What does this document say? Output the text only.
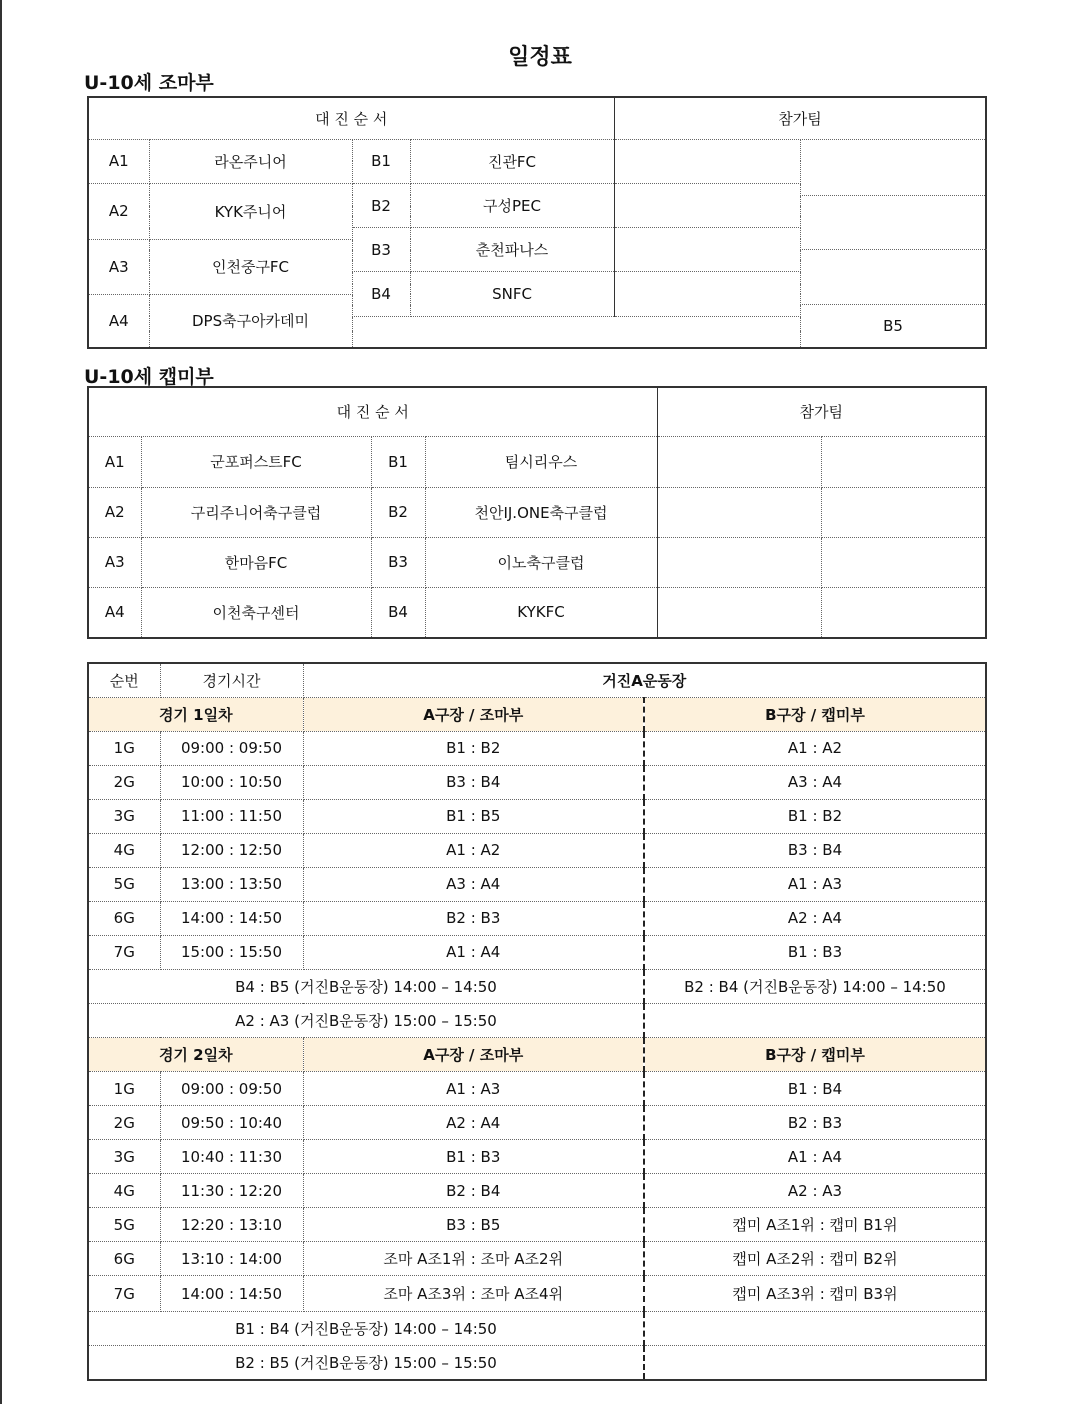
일정표
U-10세 조마부
대 진 순 서				참가팀		
A1	라온주니어	B1	진관FC			

A2	KYK주니어	B2	구성PEC			

		B3	춘천파나스			
A3	인천중구FC					

		B4	SNFC			

A4	DPS축구아카데미					
					B5		

U-10세 캡미부
대 진 순 서				참가팀	
A1	군포퍼스트FC	B1	팀시리우스		
A2	구리주니어축구클럽	B2	천안IJ.ONE축구클럽		
A3	한마음FC	B3	이노축구클럽		
A4	이천축구센터	B4	KYKFC		
순번	경기시간	거진A운동장	
경기 1일차		A구장 / 조마부	B구장 / 캡미부
1G	09:00 : 09:50	B1 : B2	A1 : A2
2G	10:00 : 10:50	B3 : B4	A3 : A4
3G	11:00 : 11:50	B1 : B5	B1 : B2
4G	12:00 : 12:50	A1 : A2	B3 : B4
5G	13:00 : 13:50	A3 : A4	A1 : A3
6G	14:00 : 14:50	B2 : B3	A2 : A4
7G	15:00 : 15:50	A1 : A4	B1 : B3
B4 : B5 (거진B운동장) 14:00 – 14:50			B2 : B4 (거진B운동장) 14:00 – 14:50
A2 : A3 (거진B운동장) 15:00 – 15:50			
경기 2일차		A구장 / 조마부	B구장 / 캡미부
1G	09:00 : 09:50	A1 : A3	B1 : B4
2G	09:50 : 10:40	A2 : A4	B2 : B3
3G	10:40 : 11:30	B1 : B3	A1 : A4
4G	11:30 : 12:20	B2 : B4	A2 : A3
5G	12:20 : 13:10	B3 : B5	캡미 A조1위 : 캡미 B1위
6G	13:10 : 14:00	조마 A조1위 : 조마 A조2위	캡미 A조2위 : 캡미 B2위
7G	14:00 : 14:50	조마 A조3위 : 조마 A조4위	캡미 A조3위 : 캡미 B3위
B1 : B4 (거진B운동장) 14:00 – 14:50			
B2 : B5 (거진B운동장) 15:00 – 15:50			
